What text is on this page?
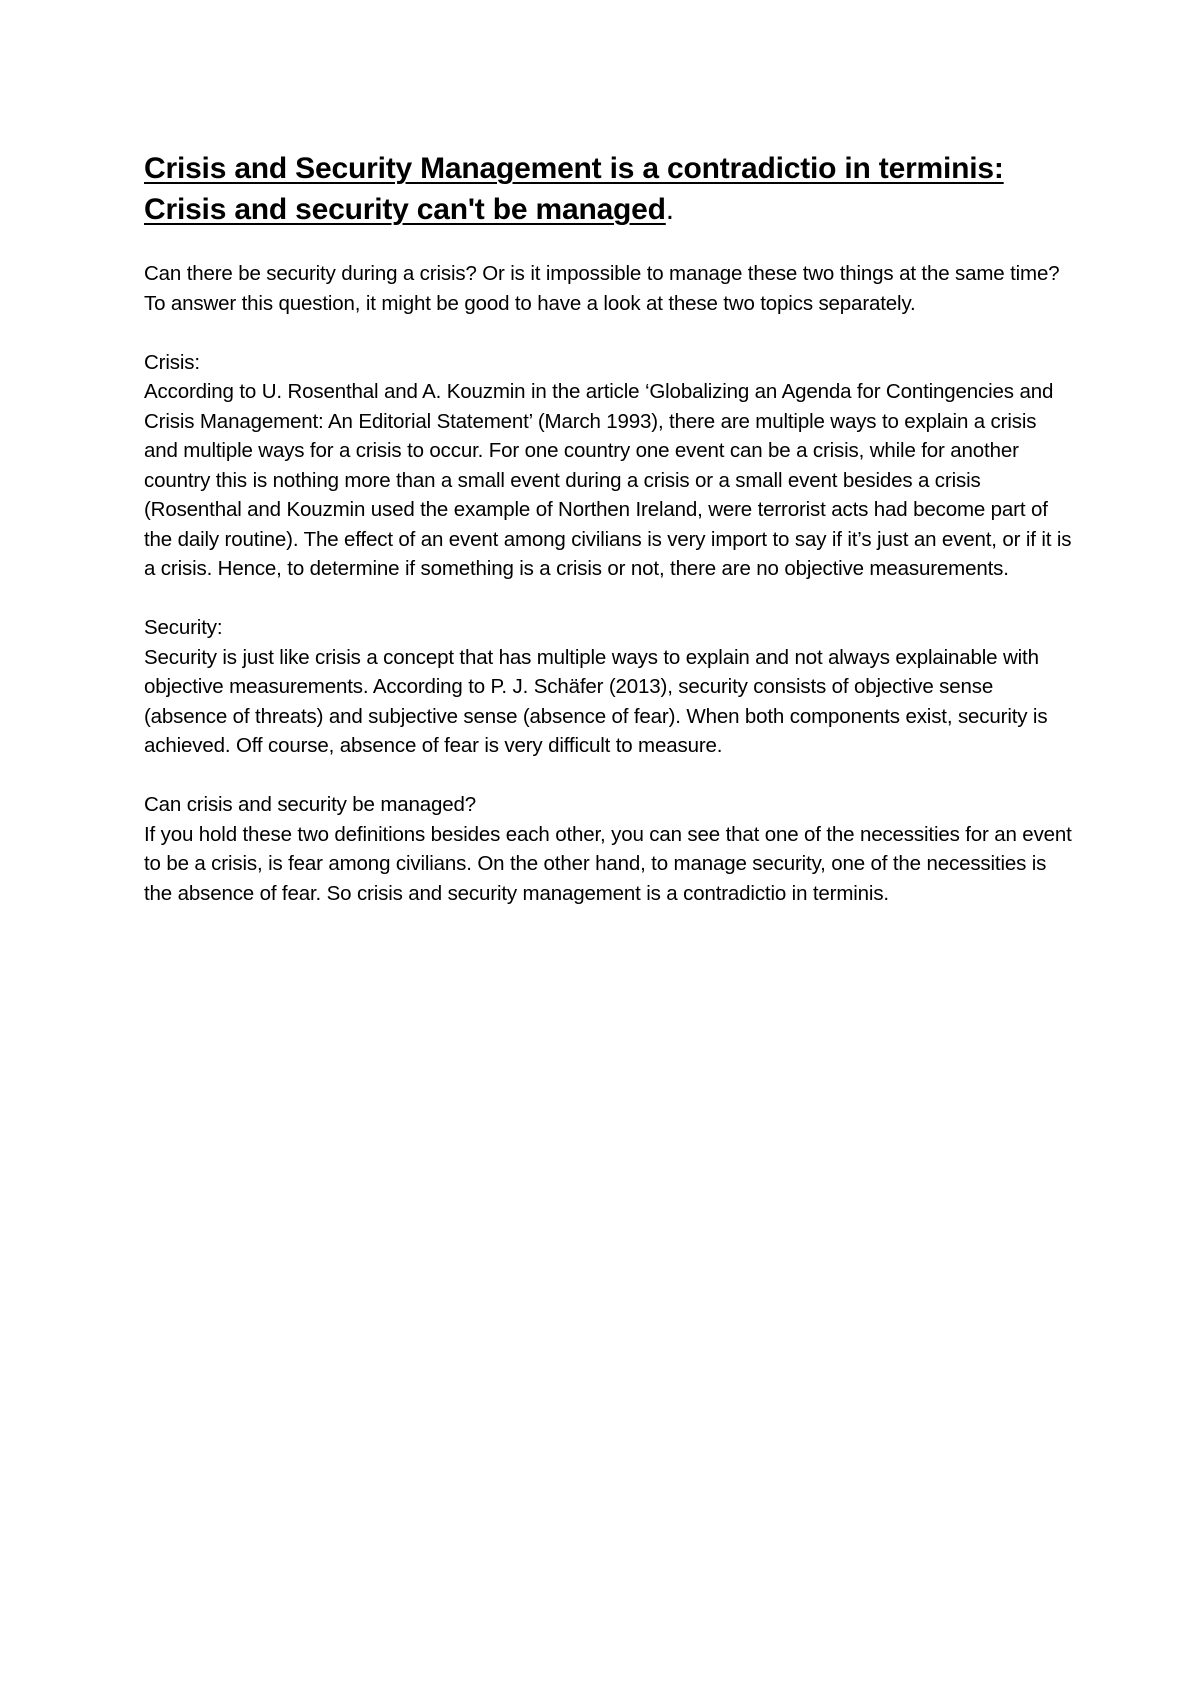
Crisis and Security Management is a contradictio in terminis:
Crisis and security can't be managed.

Can there be security during a crisis? Or is it impossible to manage these two things at the same time? To answer this question, it might be good to have a look at these two topics separately.

Crisis:

According to U. Rosenthal and A. Kouzmin in the article ‘Globalizing an Agenda for Contingencies and Crisis Management: An Editorial Statement’ (March 1993), there are multiple ways to explain a crisis and multiple ways for a crisis to occur. For one country one event can be a crisis, while for another country this is nothing more than a small event during a crisis or a small event besides a crisis (Rosenthal and Kouzmin used the example of Northen Ireland, were terrorist acts had become part of the daily routine). The effect of an event among civilians is very import to say if it’s just an event, or if it is a crisis. Hence, to determine if something is a crisis or not, there are no objective measurements.

Security:

Security is just like crisis a concept that has multiple ways to explain and not always explainable with objective measurements. According to P. J. Schäfer (2013), security consists of objective sense (absence of threats) and subjective sense (absence of fear). When both components exist, security is achieved. Off course, absence of fear is very difficult to measure.

Can crisis and security be managed?

If you hold these two definitions besides each other, you can see that one of the necessities for an event to be a crisis, is fear among civilians. On the other hand, to manage security, one of the necessities is the absence of fear. So crisis and security management is a contradictio in terminis.
